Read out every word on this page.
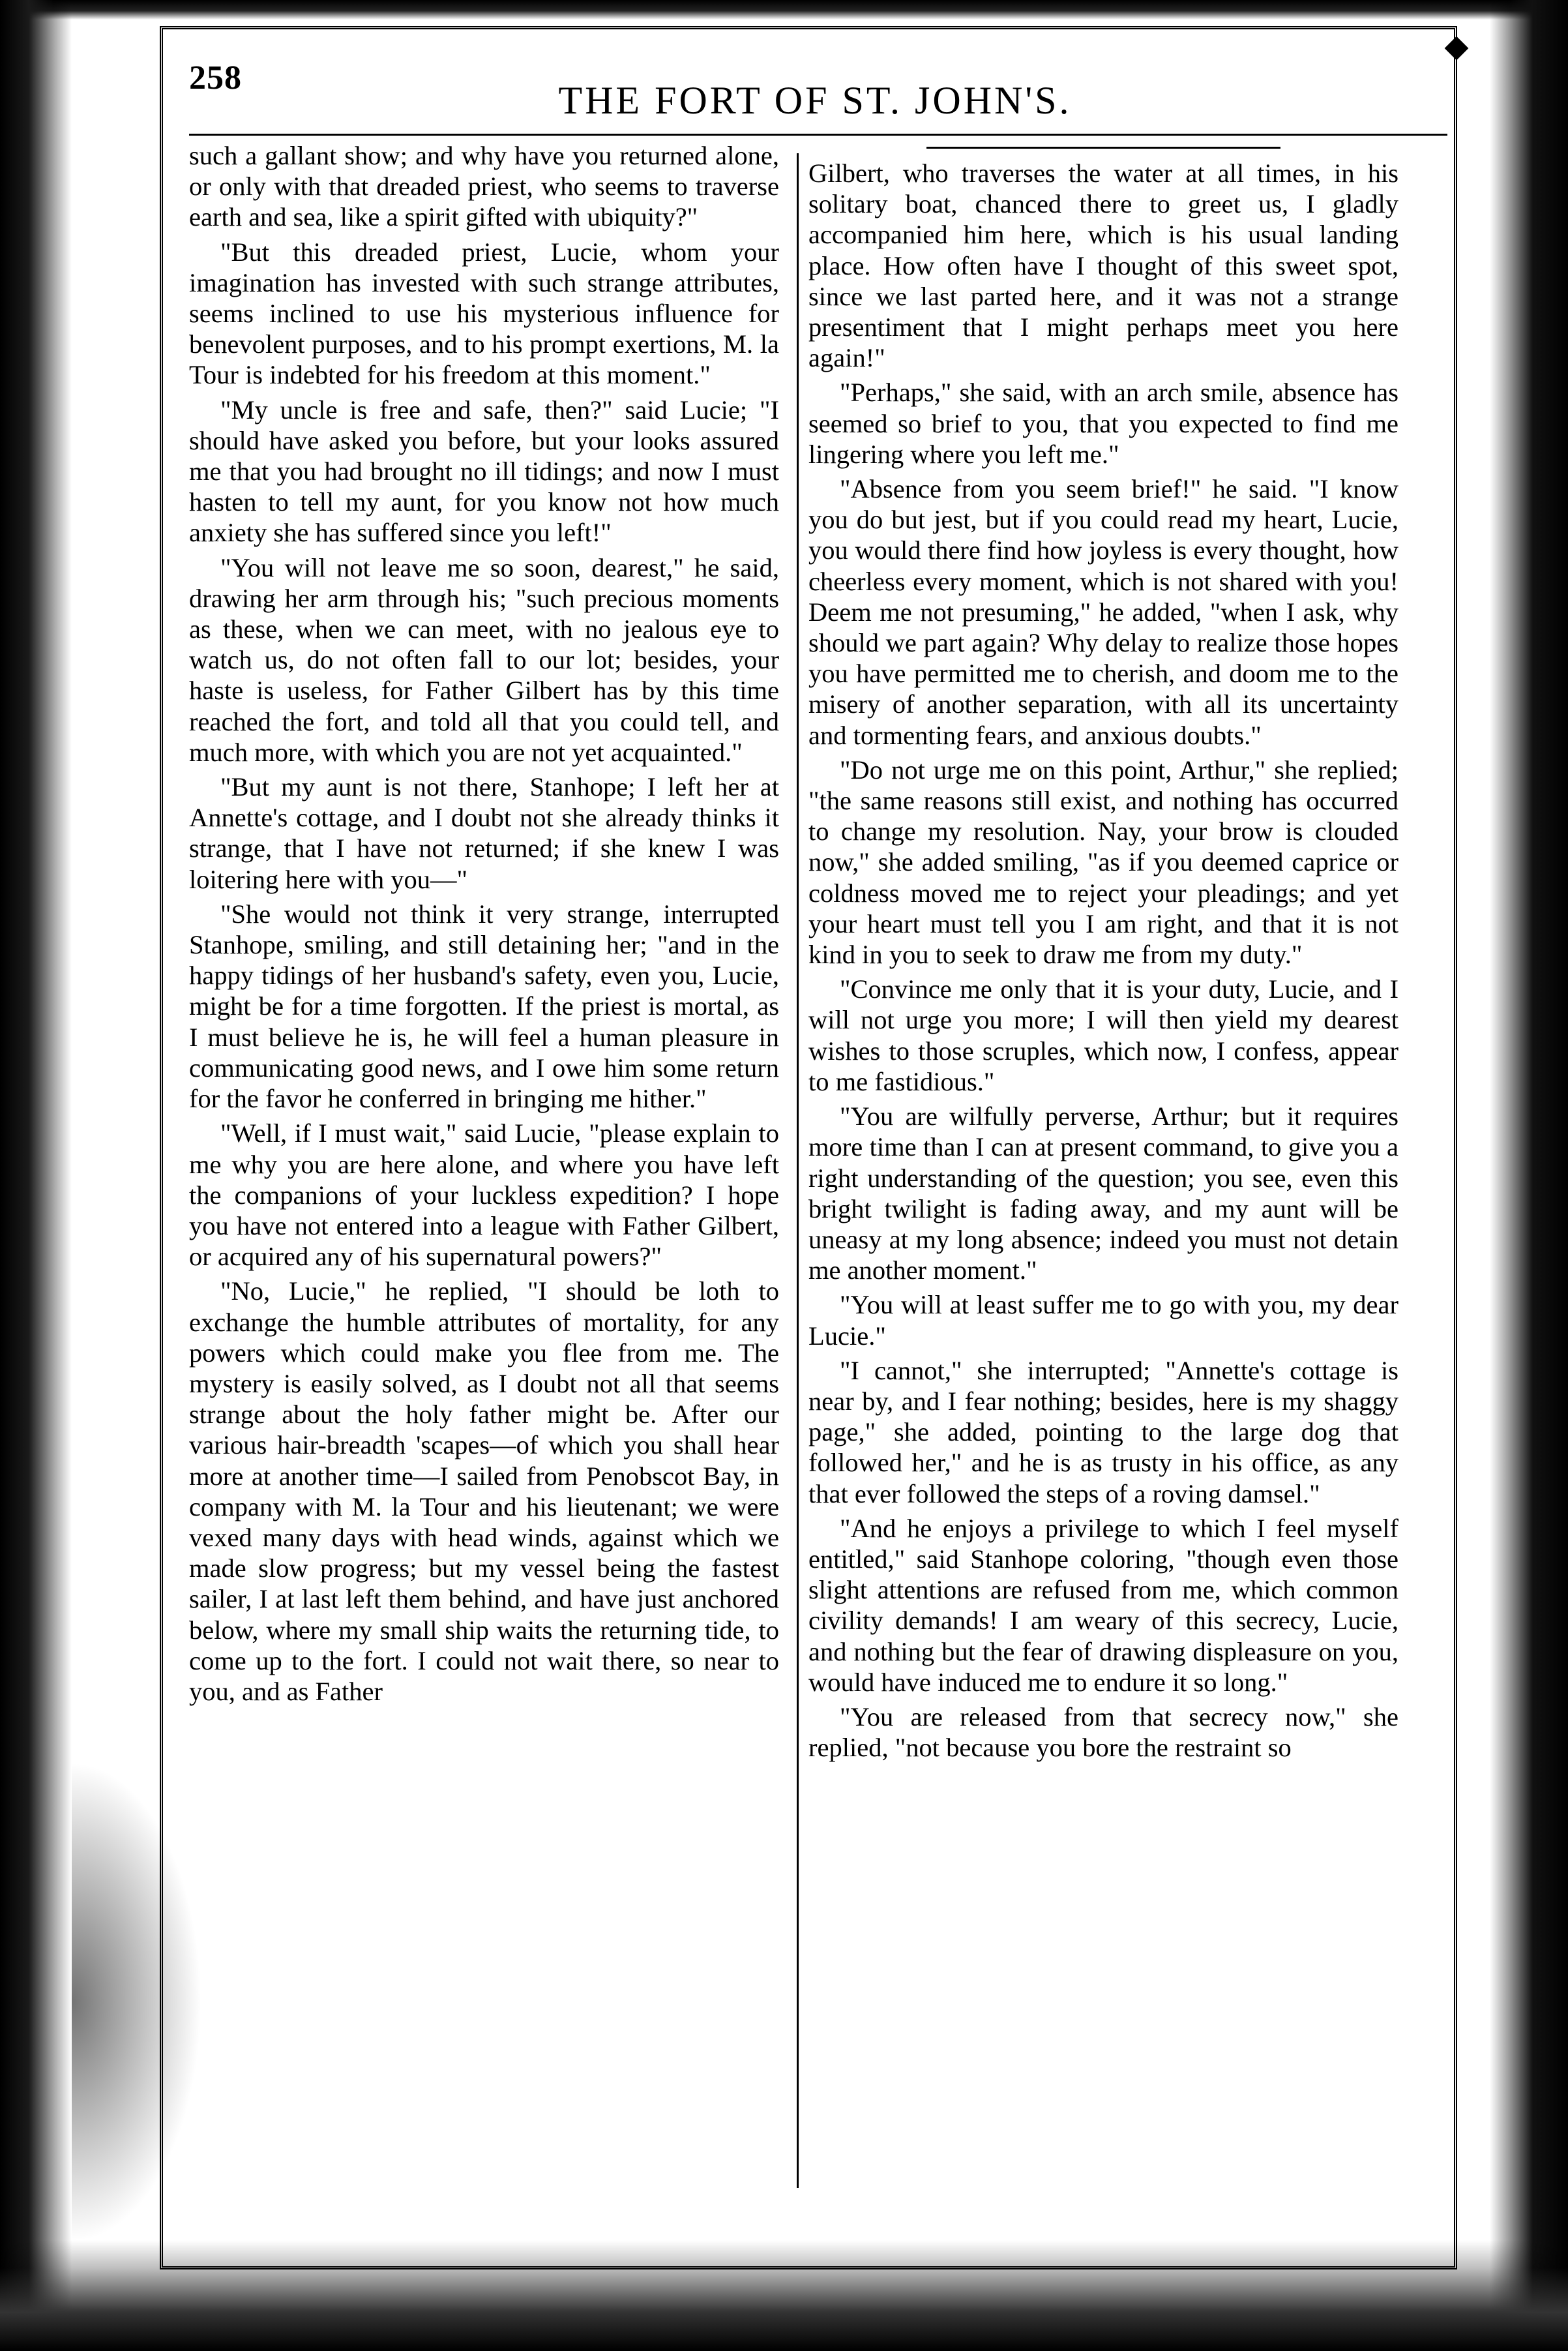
258
THE FORT OF ST. JOHN'S.

such a gallant show; and why have you returned alone, or only with that dreaded priest, who seems to traverse earth and sea, like a spirit gifted with ubiquity?"

"But this dreaded priest, Lucie, whom your imagination has invested with such strange attributes, seems inclined to use his mysterious influence for benevolent purposes, and to his prompt exertions, M. la Tour is indebted for his freedom at this moment."

"My uncle is free and safe, then?" said Lucie; "I should have asked you before, but your looks assured me that you had brought no ill tidings; and now I must hasten to tell my aunt, for you know not how much anxiety she has suffered since you left!"

"You will not leave me so soon, dearest," he said, drawing her arm through his; "such precious moments as these, when we can meet, with no jealous eye to watch us, do not often fall to our lot; besides, your haste is useless, for Father Gilbert has by this time reached the fort, and told all that you could tell, and much more, with which you are not yet acquainted."

"But my aunt is not there, Stanhope; I left her at Annette's cottage, and I doubt not she already thinks it strange, that I have not returned; if she knew I was loitering here with you—"

"She would not think it very strange, interrupted Stanhope, smiling, and still detaining her; "and in the happy tidings of her husband's safety, even you, Lucie, might be for a time forgotten. If the priest is mortal, as I must believe he is, he will feel a human pleasure in communicating good news, and I owe him some return for the favor he conferred in bringing me hither."

"Well, if I must wait," said Lucie, "please explain to me why you are here alone, and where you have left the companions of your luckless expedition? I hope you have not entered into a league with Father Gilbert, or acquired any of his supernatural powers?"

"No, Lucie," he replied, "I should be loth to exchange the humble attributes of mortality, for any powers which could make you flee from me. The mystery is easily solved, as I doubt not all that seems strange about the holy father might be. After our various hair-breadth 'scapes—of which you shall hear more at another time—I sailed from Penobscot Bay, in company with M. la Tour and his lieutenant; we were vexed many days with head winds, against which we made slow progress; but my vessel being the fastest sailer, I at last left them behind, and have just anchored below, where my small ship waits the returning tide, to come up to the fort. I could not wait there, so near to you, and as Father

Gilbert, who traverses the water at all times, in his solitary boat, chanced there to greet us, I gladly accompanied him here, which is his usual landing place. How often have I thought of this sweet spot, since we last parted here, and it was not a strange presentiment that I might perhaps meet you here again!"

"Perhaps," she said, with an arch smile, absence has seemed so brief to you, that you expected to find me lingering where you left me."

"Absence from you seem brief!" he said. "I know you do but jest, but if you could read my heart, Lucie, you would there find how joyless is every thought, how cheerless every moment, which is not shared with you! Deem me not presuming," he added, "when I ask, why should we part again? Why delay to realize those hopes you have permitted me to cherish, and doom me to the misery of another separation, with all its uncertainty and tormenting fears, and anxious doubts."

"Do not urge me on this point, Arthur," she replied; "the same reasons still exist, and nothing has occurred to change my resolution. Nay, your brow is clouded now," she added smiling, "as if you deemed caprice or coldness moved me to reject your pleadings; and yet your heart must tell you I am right, and that it is not kind in you to seek to draw me from my duty."

"Convince me only that it is your duty, Lucie, and I will not urge you more; I will then yield my dearest wishes to those scruples, which now, I confess, appear to me fastidious."

"You are wilfully perverse, Arthur; but it requires more time than I can at present command, to give you a right understanding of the question; you see, even this bright twilight is fading away, and my aunt will be uneasy at my long absence; indeed you must not detain me another moment."

"You will at least suffer me to go with you, my dear Lucie."

"I cannot," she interrupted; "Annette's cottage is near by, and I fear nothing; besides, here is my shaggy page," she added, pointing to the large dog that followed her," and he is as trusty in his office, as any that ever followed the steps of a roving damsel."

"And he enjoys a privilege to which I feel myself entitled," said Stanhope coloring, "though even those slight attentions are refused from me, which common civility demands! I am weary of this secrecy, Lucie, and nothing but the fear of drawing displeasure on you, would have induced me to endure it so long."

"You are released from that secrecy now," she replied, "not because you bore the restraint so
